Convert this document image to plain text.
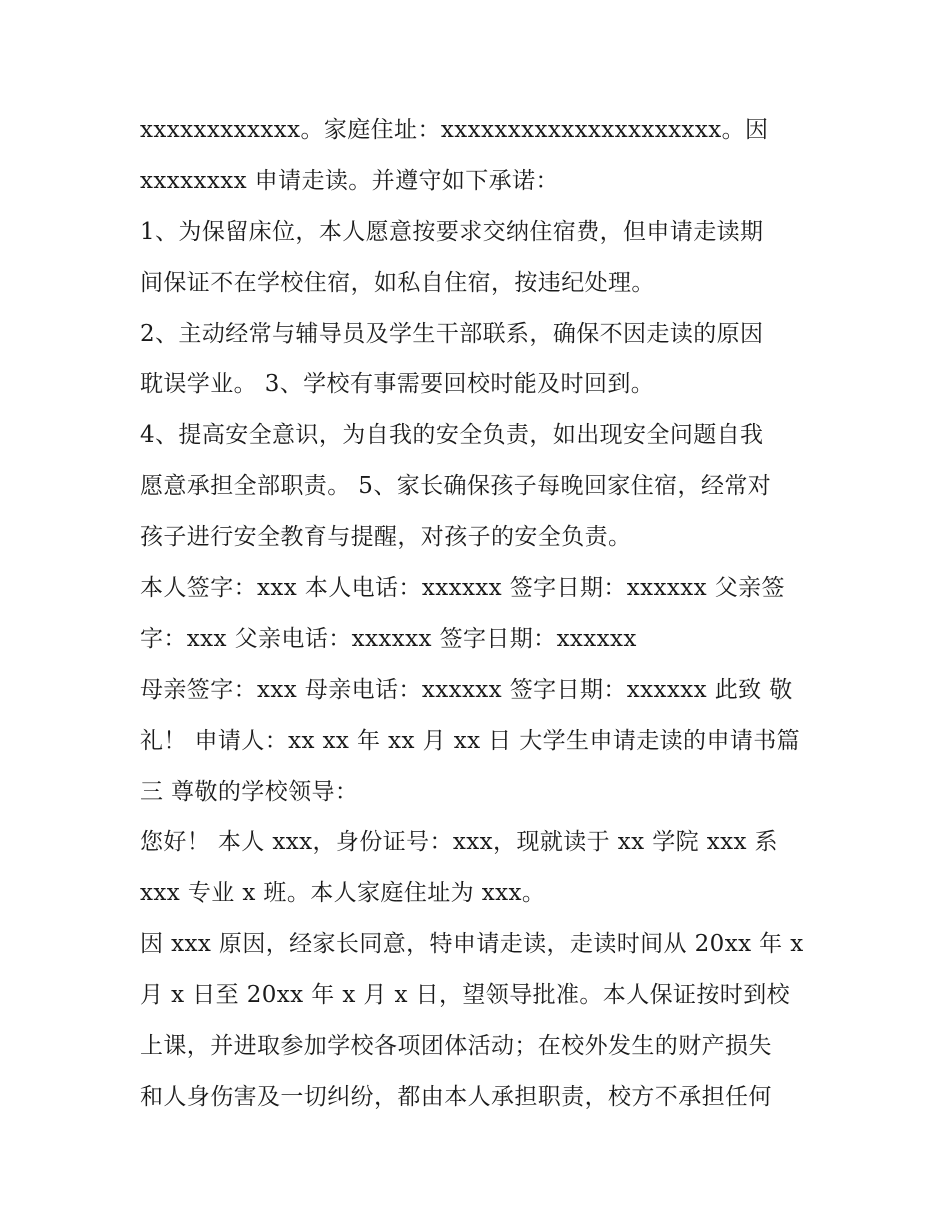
xxxxxxxxxxxx。家庭住址：xxxxxxxxxxxxxxxxxxxxx。因
xxxxxxxx 申请走读。并遵守如下承诺：
1、为保留床位，本人愿意按要求交纳住宿费，但申请走读期
间保证不在学校住宿，如私自住宿，按违纪处理。
2、主动经常与辅导员及学生干部联系，确保不因走读的原因
耽误学业。 3、学校有事需要回校时能及时回到。
4、提高安全意识，为自我的安全负责，如出现安全问题自我
愿意承担全部职责。 5、家长确保孩子每晚回家住宿，经常对
孩子进行安全教育与提醒，对孩子的安全负责。
本人签字：xxx 本人电话：xxxxxx 签字日期：xxxxxx 父亲签
字：xxx 父亲电话：xxxxxx 签字日期：xxxxxx
母亲签字：xxx 母亲电话：xxxxxx 签字日期：xxxxxx 此致 敬
礼！ 申请人：xx xx 年 xx 月 xx 日 大学生申请走读的申请书篇
三 尊敬的学校领导：
您好！ 本人 xxx，身份证号：xxx，现就读于 xx 学院 xxx 系
xxx 专业 x 班。本人家庭住址为 xxx。
因 xxx 原因，经家长同意，特申请走读，走读时间从 20xx 年 x
月 x 日至 20xx 年 x 月 x 日，望领导批准。本人保证按时到校
上课，并进取参加学校各项团体活动；在校外发生的财产损失
和人身伤害及一切纠纷，都由本人承担职责，校方不承担任何
